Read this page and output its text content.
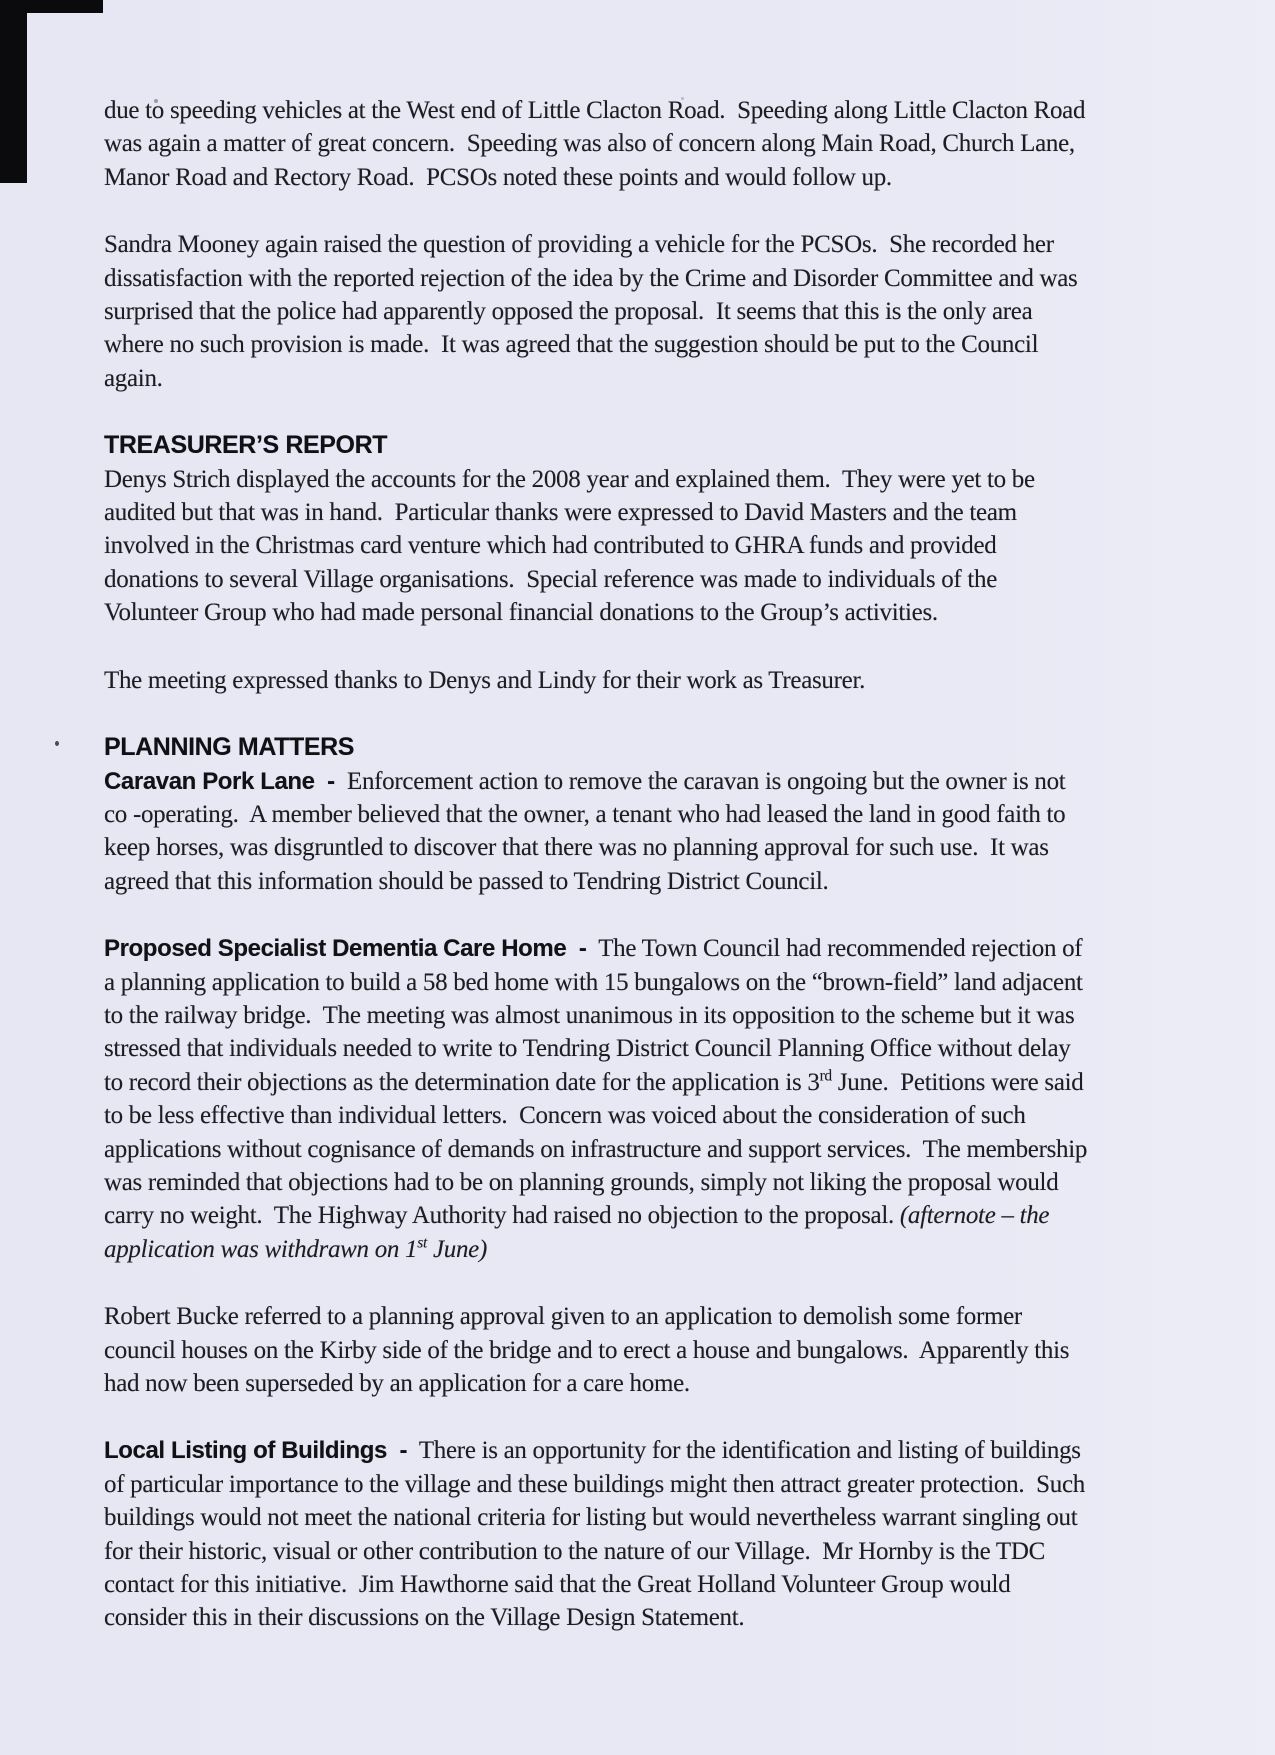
due to speeding vehicles at the West end of Little Clacton Road.  Speeding along Little Clacton Road was again a matter of great concern.  Speeding was also of concern along Main Road, Church Lane, Manor Road and Rectory Road.  PCSOs noted these points and would follow up.

Sandra Mooney again raised the question of providing a vehicle for the PCSOs.  She recorded her dissatisfaction with the reported rejection of the idea by the Crime and Disorder Committee and was surprised that the police had apparently opposed the proposal.  It seems that this is the only area where no such provision is made.  It was agreed that the suggestion should be put to the Council again.

TREASURER’S REPORT

Denys Strich displayed the accounts for the 2008 year and explained them.  They were yet to be audited but that was in hand.  Particular thanks were expressed to David Masters and the team involved in the Christmas card venture which had contributed to GHRA funds and provided donations to several Village organisations.  Special reference was made to individuals of the Volunteer Group who had made personal financial donations to the Group’s activities.

The meeting expressed thanks to Denys and Lindy for their work as Treasurer.

PLANNING MATTERS

Caravan Pork Lane  -  Enforcement action to remove the caravan is ongoing but the owner is not co -operating.  A member believed that the owner, a tenant who had leased the land in good faith to keep horses, was disgruntled to discover that there was no planning approval for such use.  It was agreed that this information should be passed to Tendring District Council.

Proposed Specialist Dementia Care Home  -  The Town Council had recommended rejection of a planning application to build a 58 bed home with 15 bungalows on the “brown-field” land adjacent to the railway bridge.  The meeting was almost unanimous in its opposition to the scheme but it was stressed that individuals needed to write to Tendring District Council Planning Office without delay to record their objections as the determination date for the application is 3rd June.  Petitions were said to be less effective than individual letters.  Concern was voiced about the consideration of such applications without cognisance of demands on infrastructure and support services.  The membership was reminded that objections had to be on planning grounds, simply not liking the proposal would carry no weight.  The Highway Authority had raised no objection to the proposal. (afternote – the application was withdrawn on 1st June)

Robert Bucke referred to a planning approval given to an application to demolish some former council houses on the Kirby side of the bridge and to erect a house and bungalows.  Apparently this had now been superseded by an application for a care home.

Local Listing of Buildings  -  There is an opportunity for the identification and listing of buildings of particular importance to the village and these buildings might then attract greater protection.  Such buildings would not meet the national criteria for listing but would nevertheless warrant singling out for their historic, visual or other contribution to the nature of our Village.  Mr Hornby is the TDC contact for this initiative.  Jim Hawthorne said that the Great Holland Volunteer Group would consider this in their discussions on the Village Design Statement.
